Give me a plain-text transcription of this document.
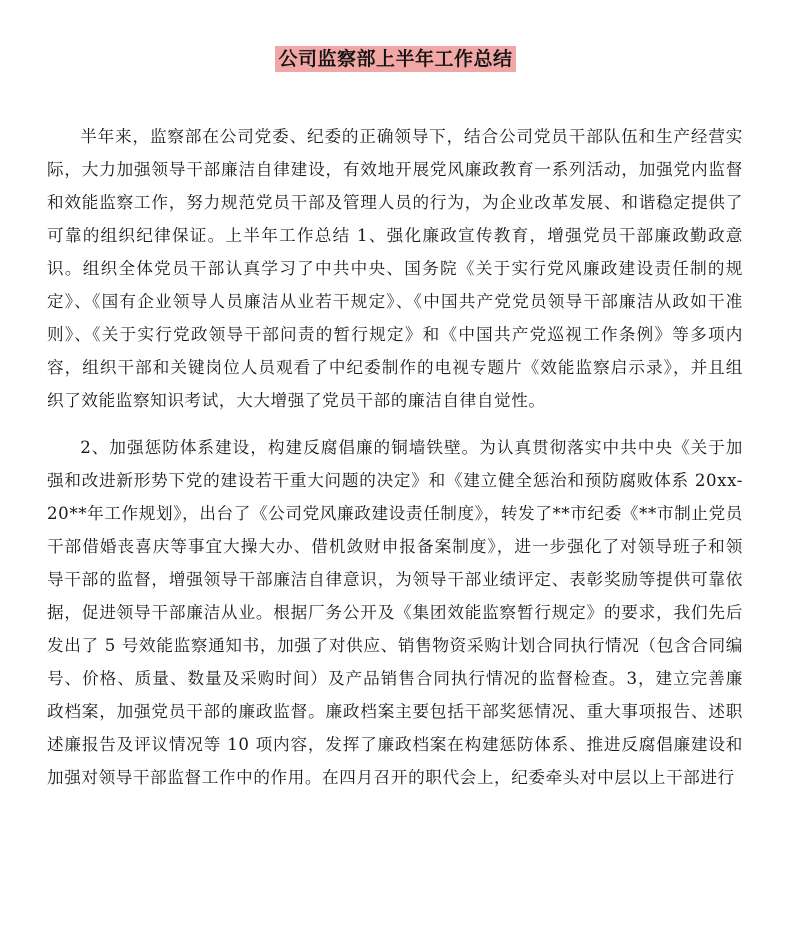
公司监察部上半年工作总结

半年来，监察部在公司党委、纪委的正确领导下，结合公司党员干部队伍和生产经营实际，大力加强领导干部廉洁自律建设，有效地开展党风廉政教育一系列活动，加强党内监督和效能监察工作，努力规范党员干部及管理人员的行为，为企业改革发展、和谐稳定提供了可靠的组织纪律保证。上半年工作总结 1、强化廉政宣传教育，增强党员干部廉政勤政意识。组织全体党员干部认真学习了中共中央、国务院《关于实行党风廉政建设责任制的规定》、《国有企业领导人员廉洁从业若干规定》、《中国共产党党员领导干部廉洁从政如干准则》、《关于实行党政领导干部问责的暂行规定》和《中国共产党巡视工作条例》等多项内容，组织干部和关键岗位人员观看了中纪委制作的电视专题片《效能监察启示录》，并且组织了效能监察知识考试，大大增强了党员干部的廉洁自律自觉性。

2、加强惩防体系建设，构建反腐倡廉的铜墙铁壁。为认真贯彻落实中共中央《关于加强和改进新形势下党的建设若干重大问题的决定》和《建立健全惩治和预防腐败体系 20xx-20**年工作规划》，出台了《公司党风廉政建设责任制度》，转发了**市纪委《**市制止党员干部借婚丧喜庆等事宜大操大办、借机敛财申报备案制度》，进一步强化了对领导班子和领导干部的监督，增强领导干部廉洁自律意识，为领导干部业绩评定、表彰奖励等提供可靠依据，促进领导干部廉洁从业。根据厂务公开及《集团效能监察暂行规定》的要求，我们先后发出了 5 号效能监察通知书，加强了对供应、销售物资采购计划合同执行情况（包含合同编号、价格、质量、数量及采购时间）及产品销售合同执行情况的监督检查。3，建立完善廉政档案，加强党员干部的廉政监督。廉政档案主要包括干部奖惩情况、重大事项报告、述职述廉报告及评议情况等 10 项内容，发挥了廉政档案在构建惩防体系、推进反腐倡廉建设和加强对领导干部监督工作中的作用。在四月召开的职代会上，纪委牵头对中层以上干部进行
